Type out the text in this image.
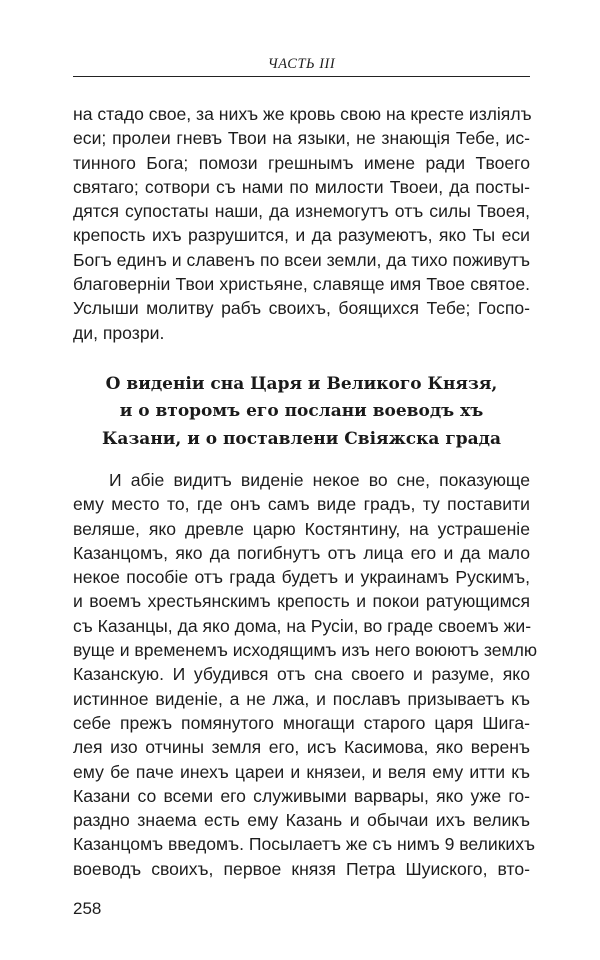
ЧАСТЬ III
на стадо свое, за нихъ же кровь свою на кресте изліялъ
еси; пролеи гневъ Твои на языки, не знающія Тебе, ис-
тинного Бога; помози грешнымъ имене ради Твоего
святаго; сотвори съ нами по милости Твоеи, да посты-
дятся супостаты наши, да изнемогутъ отъ силы Твоея,
крепость ихъ разрушится, и да разумеютъ, яко Ты еси
Богъ единъ и славенъ по всеи земли, да тихо поживутъ
благоверніи Твои христьяне, славяще имя Твое святое.
Услыши молитву рабъ своихъ, боящихся Тебе; Госпо-
ди, прозри.
О виденіи сна Царя и Великого Князя,
и о второмъ его послани воеводъ хъ
Казани, и о поставлени Свіяжска града
И абіе видитъ виденіе некое во сне, показующе
ему место то, где онъ самъ виде градъ, ту поставити
веляше, яко древле царю Костянтину, на устрашеніе
Казанцомъ, яко да погибнутъ отъ лица его и да мало
некое пособіе отъ града будетъ и украинамъ Рускимъ,
и воемъ хрестьянскимъ крепость и покои ратующимся
съ Казанцы, да яко дома, на Русіи, во граде своемъ жи-
вуще и временемъ исходящимъ изъ него воюютъ землю
Казанскую. И убудився отъ сна своего и разуме, яко
истинное виденіе, а не лжа, и пославъ призываетъ къ
себе прежъ помянутого многащи старого царя Шига-
лея изо отчины земля его, исъ Касимова, яко веренъ
ему бе паче инехъ цареи и князеи, и веля ему итти къ
Казани со всеми его служивыми варвары, яко уже го-
раздно знаема есть ему Казань и обычаи ихъ великъ
Казанцомъ введомъ. Посылаетъ же съ нимъ 9 великихъ
воеводъ своихъ, первое князя Петра Шуиского, вто-
258
